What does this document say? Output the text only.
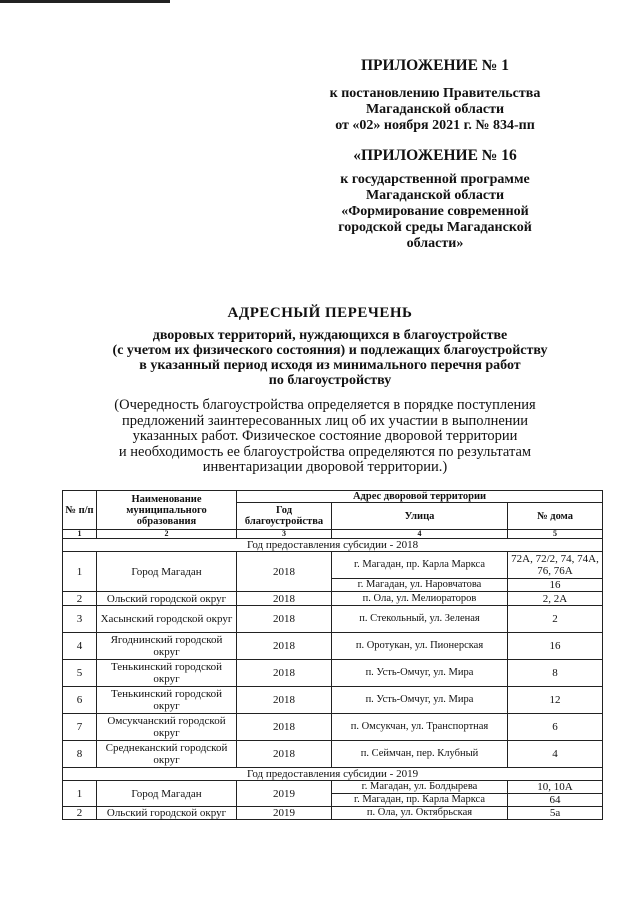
ПРИЛОЖЕНИЕ № 1
к постановлению Правительства
Магаданской области
от «02» ноября 2021 г. № 834-пп
«ПРИЛОЖЕНИЕ № 16
к государственной программе
Магаданской области
«Формирование современной
городской среды Магаданской
области»
АДРЕСНЫЙ ПЕРЕЧЕНЬ
дворовых территорий, нуждающихся в благоустройстве
(с учетом их физического состояния) и подлежащих благоустройству
в указанный период исходя из минимального перечня работ
по благоустройству
(Очередность благоустройства определяется в порядке поступления
предложений заинтересованных лиц об их участии в выполнении
указанных работ. Физическое состояние дворовой территории
и необходимость ее благоустройства определяются по результатам
инвентаризации дворовой территории.)
№ п/п	Наименование муниципального образования	Адрес дворовой территории		
		Год благоустройства	Улица	№ дома
1	2	3	4	5
Год предоставления субсидии - 2018				
1	Город Магадан	2018	г. Магадан, пр. Карла Маркса	72А, 72/2, 74, 74А, 76, 76А
			г. Магадан, ул. Наровчатова	16
2	Ольский городской округ	2018	п. Ола, ул. Мелиораторов	2, 2А
3	Хасынский городской округ	2018	п. Стекольный, ул. Зеленая	2
4	Ягоднинский городской округ	2018	п. Оротукан, ул. Пионерская	16
5	Тенькинский городской округ	2018	п. Усть-Омчуг, ул. Мира	8
6	Тенькинский городской округ	2018	п. Усть-Омчуг, ул. Мира	12
7	Омсукчанский городской округ	2018	п. Омсукчан, ул. Транспортная	6
8	Среднеканский городской округ	2018	п. Сеймчан, пер. Клубный	4
Год предоставления субсидии - 2019				
1	Город Магадан	2019	г. Магадан, ул. Болдырева	10, 10А
			г. Магадан, пр. Карла Маркса	64
2	Ольский городской округ	2019	п. Ола, ул. Октябрьская	5а
